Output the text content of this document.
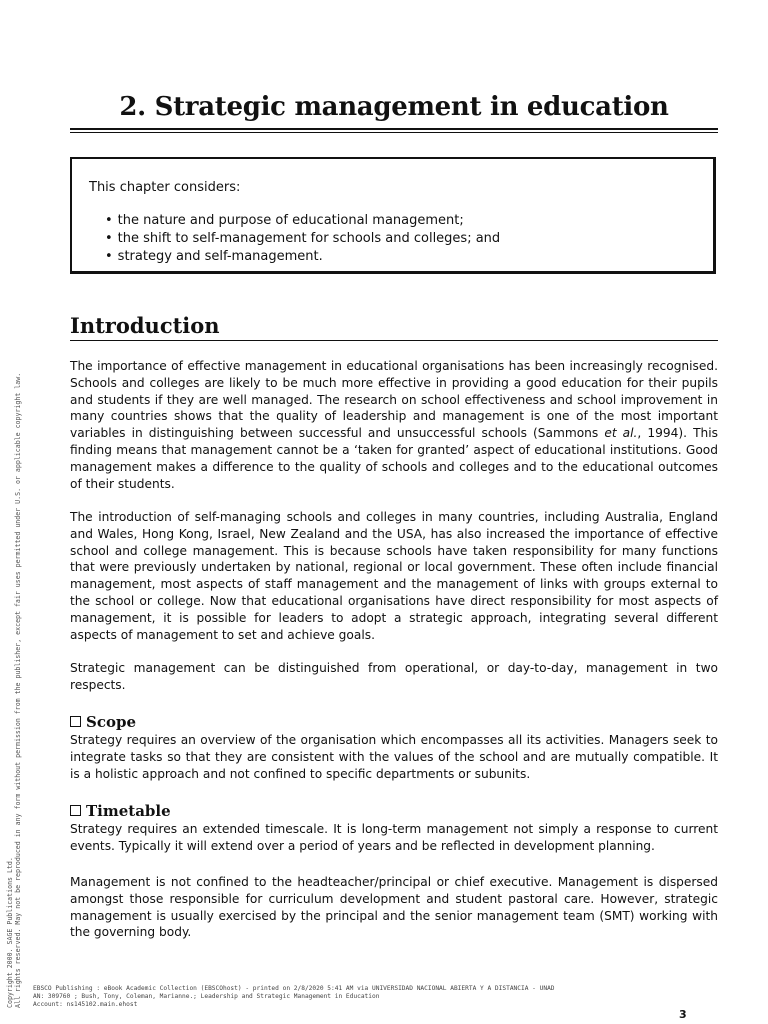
2. Strategic management in education

This chapter considers:

• the nature and purpose of educational management;
• the shift to self-management for schools and colleges; and
• strategy and self-management.
Introduction

The importance of effective management in educational organisations has been increasingly recognised. Schools and colleges are likely to be much more effective in providing a good education for their pupils and students if they are well managed. The research on school effectiveness and school improvement in many countries shows that the quality of leadership and management is one of the most important variables in distinguishing between successful and unsuccessful schools (Sammons et al., 1994). This finding means that management cannot be a ‘taken for granted’ aspect of educational institutions. Good management makes a difference to the quality of schools and colleges and to the educational outcomes of their students.

The introduction of self-managing schools and colleges in many countries, including Australia, England and Wales, Hong Kong, Israel, New Zealand and the USA, has also increased the importance of effective school and college management. This is because schools have taken responsibility for many functions that were previously undertaken by national, regional or local government. These often include financial management, most aspects of staff management and the management of links with groups external to the school or college. Now that educational organisations have direct responsibility for most aspects of management, it is possible for leaders to adopt a strategic approach, integrating several different aspects of management to set and achieve goals.

Strategic management can be distinguished from operational, or day-to-day, management in two respects.

Scope

Strategy requires an overview of the organisation which encompasses all its activities. Managers seek to integrate tasks so that they are consistent with the values of the school and are mutually compatible. It is a holistic approach and not confined to specific departments or subunits.

Timetable

Strategy requires an extended timescale. It is long-term management not simply a response to current events. Typically it will extend over a period of years and be reflected in development planning.

Management is not confined to the headteacher/principal or chief executive. Management is dispersed amongst those responsible for curriculum development and student pastoral care. However, strategic management is usually exercised by the principal and the senior management team (SMT) working with the governing body.

Copyright 2000. SAGE Publications Ltd. All rights reserved. May not be reproduced in any form without permission from the publisher, except fair uses permitted under U.S. or applicable copyright law. EBSCO Publishing : eBook Academic Collection (EBSCOhost) - printed on 2/8/2020 5:41 AM via UNIVERSIDAD NACIONAL ABIERTA Y A DISTANCIA - UNAD
AN: 309760 ; Bush, Tony, Coleman, Marianne.; Leadership and Strategic Management in Education
Account: ns145102.main.ehost
3
